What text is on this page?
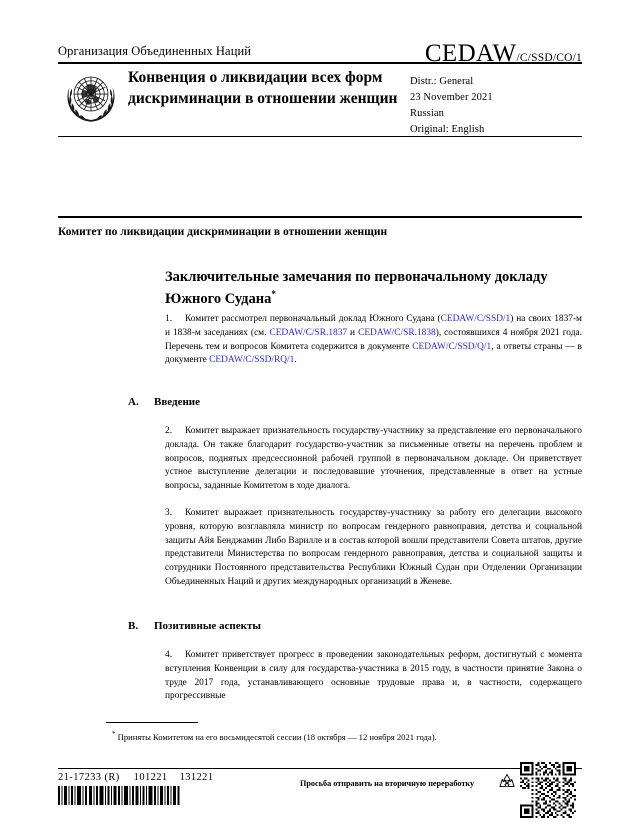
Организация Объединенных Наций	CEDAW/C/SSD/CO/1
Конвенция о ликвидации всех форм дискриминации в отношении женщин
Distr.: General
23 November 2021
Russian
Original: English
Комитет по ликвидации дискриминации в отношении женщин
Заключительные замечания по первоначальному докладу Южного Судана*
1. Комитет рассмотрел первоначальный доклад Южного Судана (CEDAW/C/SSD/1) на своих 1837-м и 1838-м заседаниях (см. CEDAW/C/SR.1837 и CEDAW/C/SR.1838), состоявшихся 4 ноября 2021 года. Перечень тем и вопросов Комитета содержится в документе CEDAW/C/SSD/Q/1, а ответы страны — в документе CEDAW/C/SSD/RQ/1.
A. Введение
2. Комитет выражает признательность государству-участнику за представление его первоначального доклада. Он также благодарит государство-участник за письменные ответы на перечень проблем и вопросов, поднятых предсессионной рабочей группой в первоначальном докладе. Он приветствует устное выступление делегации и последовавшие уточнения, представленные в ответ на устные вопросы, заданные Комитетом в ходе диалога.
3. Комитет выражает признательность государству-участнику за работу его делегации высокого уровня, которую возглавляла министр по вопросам гендерного равноправия, детства и социальной защиты Айя Бенджамин Либо Варилле и в состав которой вошли представители Совета штатов, другие представители Министерства по вопросам гендерного равноправия, детства и социальной защиты и сотрудники Постоянного представительства Республики Южный Судан при Отделении Организации Объединенных Наций и других международных организаций в Женеве.
B. Позитивные аспекты
4. Комитет приветствует прогресс в проведении законодательных реформ, достигнутый с момента вступления Конвенции в силу для государства-участника в 2015 году, в частности принятие Закона о труде 2017 года, устанавливающего основные трудовые права и, в частности, содержащего прогрессивные
* Приняты Комитетом на его восьмидесятой сессии (18 октября — 12 ноября 2021 года).
21-17233 (R) 101221 131221
Просьба отправить на вторичную переработку
